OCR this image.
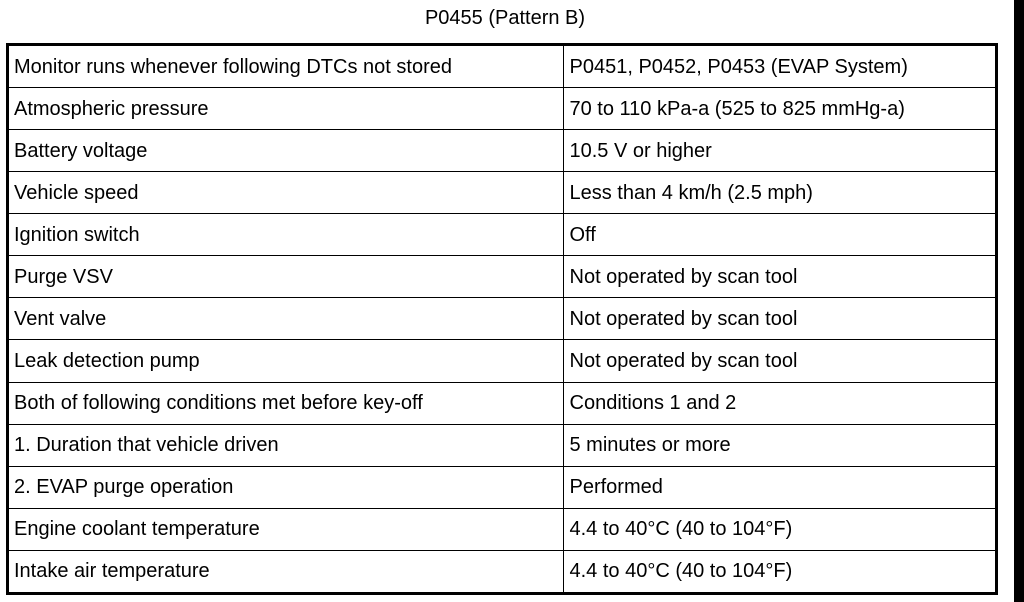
P0455 (Pattern B)
Monitor runs whenever following DTCs not stored	P0451, P0452, P0453 (EVAP System)
Atmospheric pressure	70 to 110 kPa-a (525 to 825 mmHg-a)
Battery voltage	10.5 V or higher
Vehicle speed	Less than 4 km/h (2.5 mph)
Ignition switch	Off
Purge VSV	Not operated by scan tool
Vent valve	Not operated by scan tool
Leak detection pump	Not operated by scan tool
Both of following conditions met before key-off	Conditions 1 and 2
1. Duration that vehicle driven	5 minutes or more
2. EVAP purge operation	Performed
Engine coolant temperature	4.4 to 40°C (40 to 104°F)
Intake air temperature	4.4 to 40°C (40 to 104°F)
